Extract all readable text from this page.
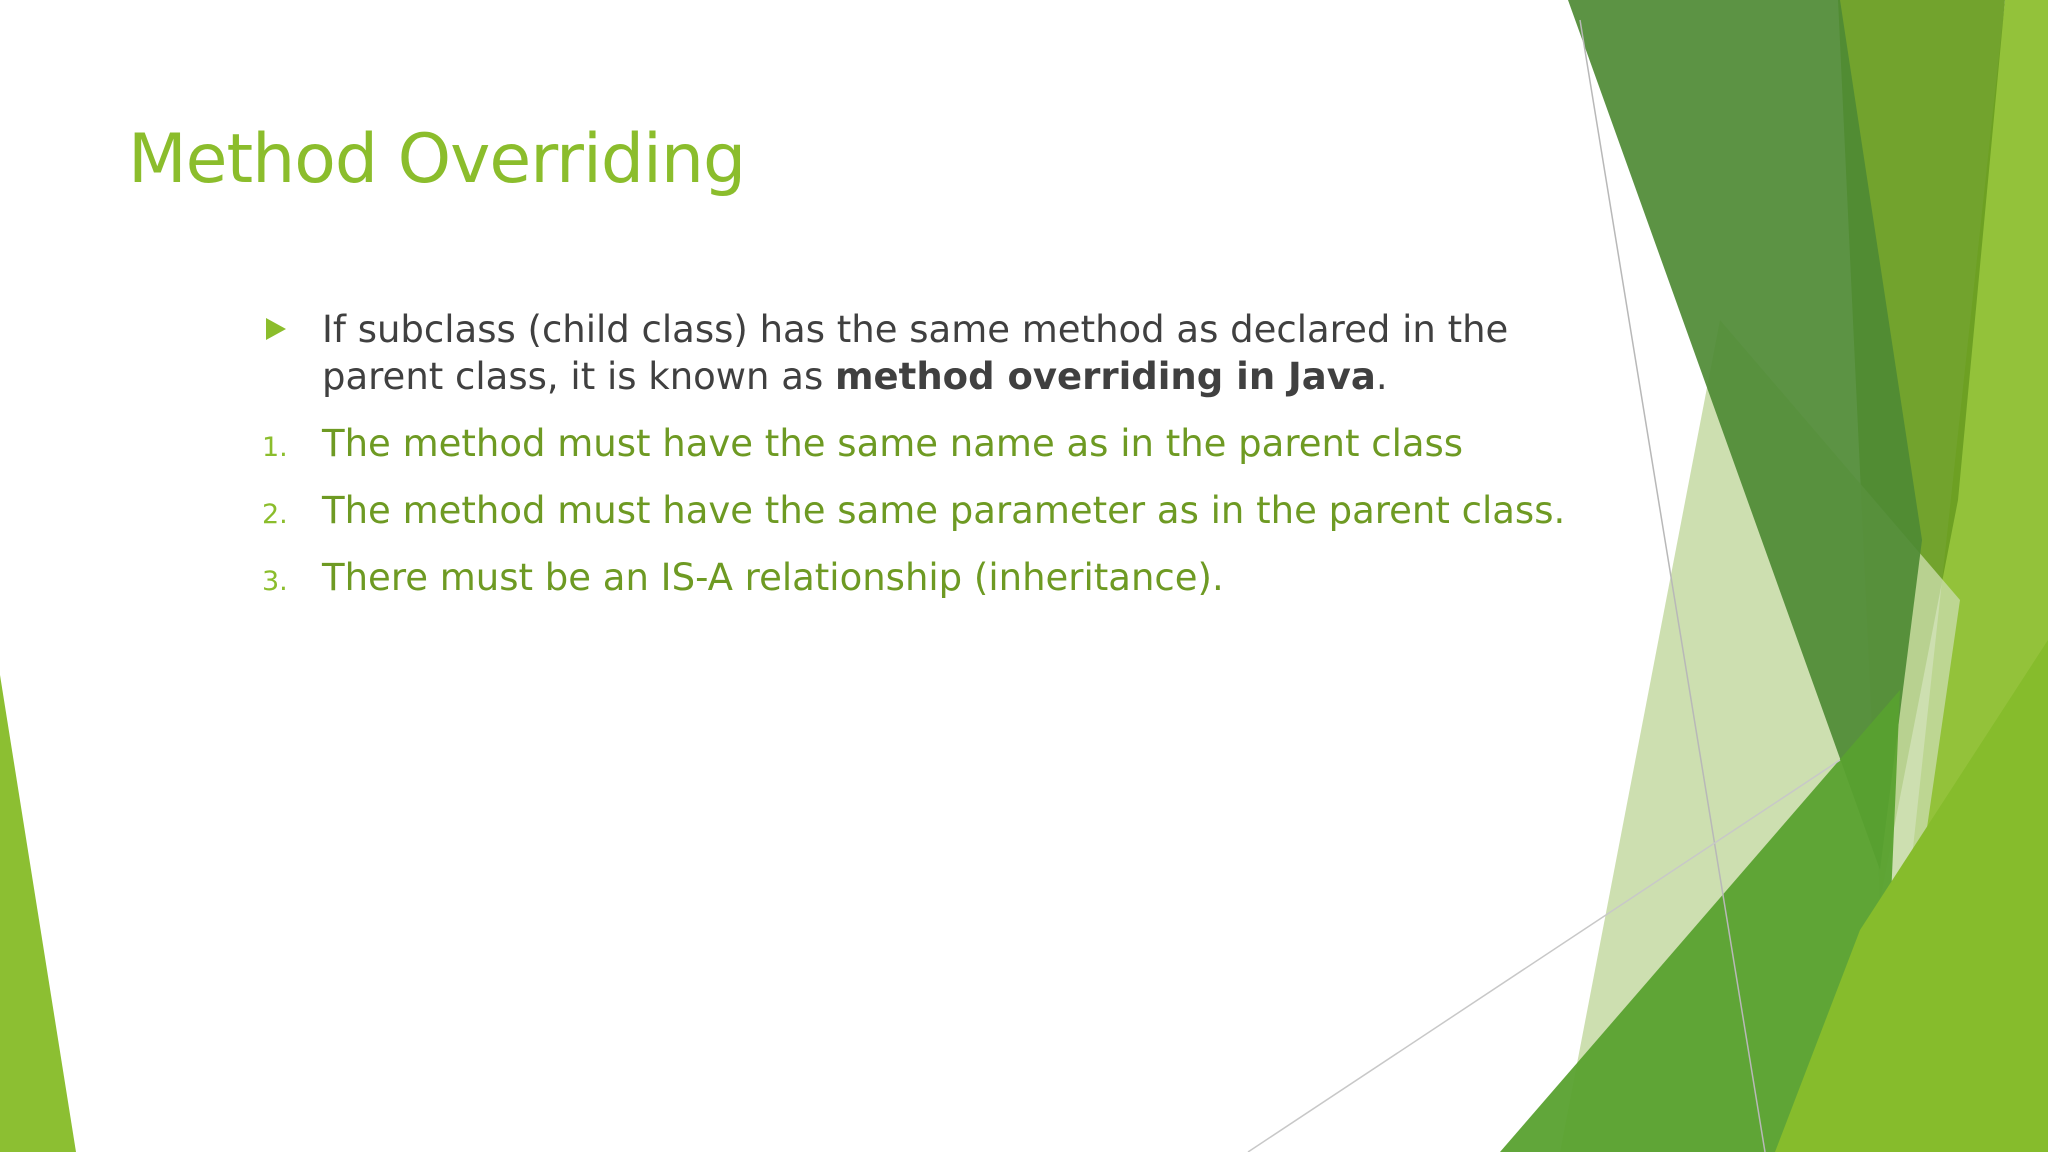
Method Overriding
If subclass (child class) has the same method as declared in the parent class, it is known as method overriding in Java.
1. The method must have the same name as in the parent class
2. The method must have the same parameter as in the parent class.
3. There must be an IS-A relationship (inheritance).
